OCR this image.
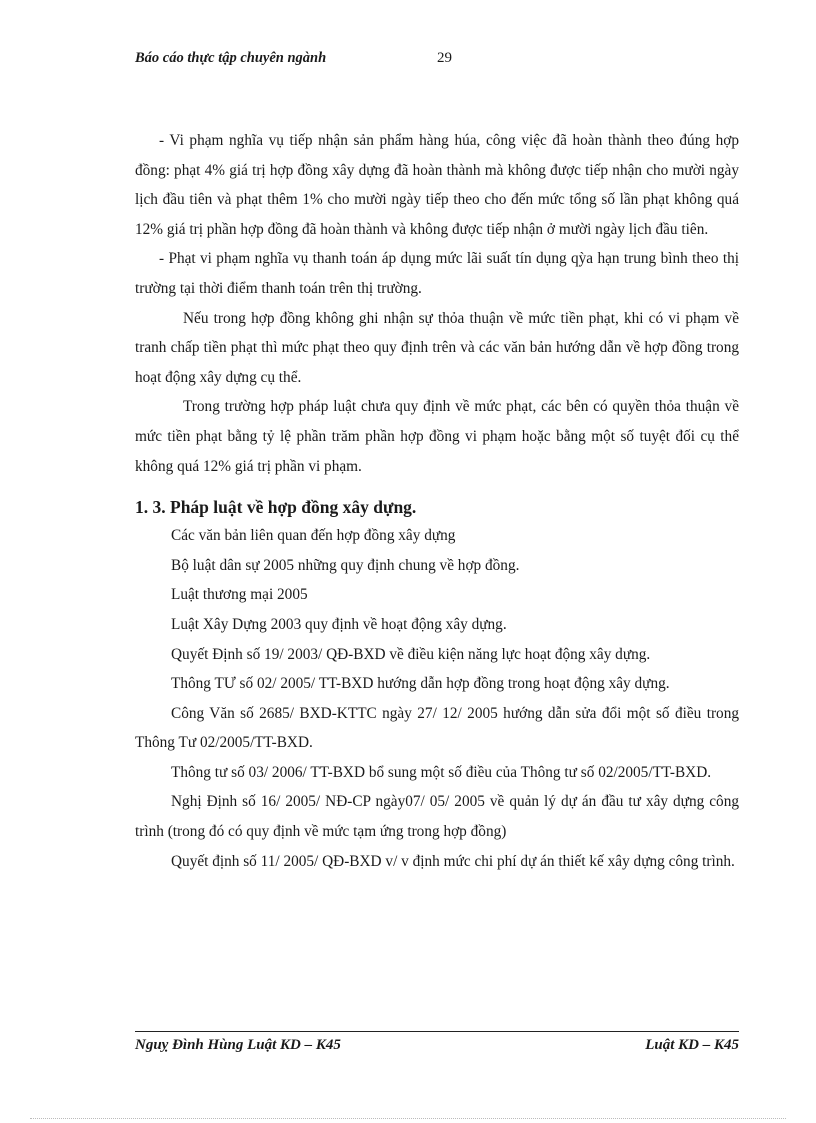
Báo cáo thực tập chuyên ngành	29

- Vi phạm nghĩa vụ tiếp nhận sản phẩm hàng húa, công việc đã hoàn thành theo đúng hợp đồng: phạt 4% giá trị hợp đồng xây dựng đã hoàn thành mà không được tiếp nhận cho mười ngày lịch đầu tiên và phạt thêm 1% cho mười ngày tiếp theo cho đến mức tổng số lần phạt không quá 12% giá trị phần hợp đồng đã hoàn thành và không được tiếp nhận ở mười ngày lịch đầu tiên.

- Phạt vi phạm nghĩa vụ thanh toán áp dụng mức lãi suất tín dụng qỳa hạn trung bình theo thị trường tại thời điểm thanh toán trên thị trường.

Nếu trong hợp đồng không ghi nhận sự thỏa thuận về mức tiền phạt, khi có vi phạm về tranh chấp tiền phạt thì mức phạt theo quy định trên và các văn bản hướng dẫn về hợp đồng trong hoạt động xây dựng cụ thể.

Trong trường hợp pháp luật chưa quy định về mức phạt, các bên có quyền thỏa thuận về mức tiền phạt bằng tỷ lệ phần trăm phần hợp đồng vi phạm hoặc bằng một số tuyệt đối cụ thể không quá 12% giá trị phần vi phạm.

1. 3. Pháp luật về hợp đồng xây dựng.

Các văn bản liên quan đến hợp đồng xây dựng

Bộ luật dân sự 2005 những quy định chung về hợp đồng.

Luật thương mại 2005

Luật Xây Dựng 2003 quy định về hoạt động xây dựng.

Quyết Định số 19/ 2003/ QĐ-BXD về điều kiện năng lực hoạt động xây dựng.

Thông TƯ số 02/ 2005/ TT-BXD hướng dẫn hợp đồng trong hoạt động xây dựng.

Công Văn số 2685/ BXD-KTTC ngày 27/ 12/ 2005 hướng dẫn sửa đổi một số điều trong Thông Tư 02/2005/TT-BXD.

Thông tư số 03/ 2006/ TT-BXD bổ sung một số điều của Thông tư số 02/2005/TT-BXD.

Nghị Định số 16/ 2005/ NĐ-CP ngày07/ 05/ 2005 về quản lý dự án đầu tư xây dựng công trình (trong đó có quy định về mức tạm ứng trong hợp đồng)

Quyết định số 11/ 2005/ QĐ-BXD v/ v định mức chi phí dự án thiết kế xây dựng công trình.

Nguỵ Đình Hùng Luật KD – K45	Luật KD – K45
